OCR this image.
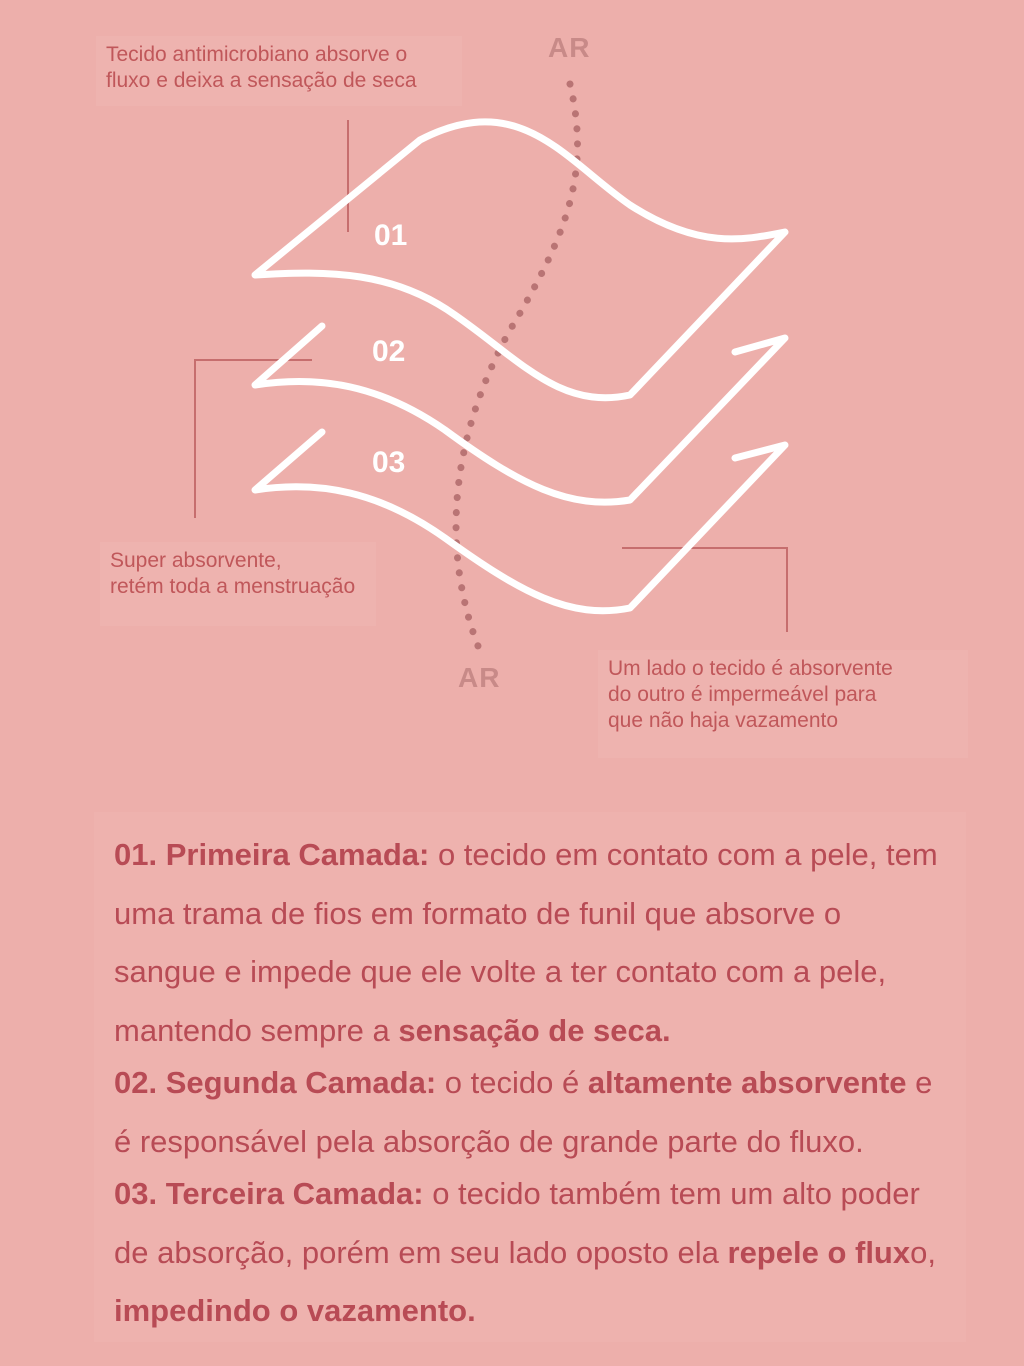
01
02
03
AR
AR
Tecido antimicrobiano absorve o
fluxo e deixa a sensação de seca
Super absorvente,
retém toda a menstruação
Um lado o tecido é absorvente
do outro é impermeável para
que não haja vazamento

01. Primeira Camada: o tecido em contato com a pele, tem uma trama de fios em formato de funil que absorve o sangue e impede que ele volte a ter contato com a pele, mantendo sempre a sensação de seca.

02. Segunda Camada: o tecido é altamente absorvente e é responsável pela absorção de grande parte do fluxo.

03. Terceira Camada: o tecido também tem um alto poder de absorção, porém em seu lado oposto ela repele o fluxo, impedindo o vazamento.
